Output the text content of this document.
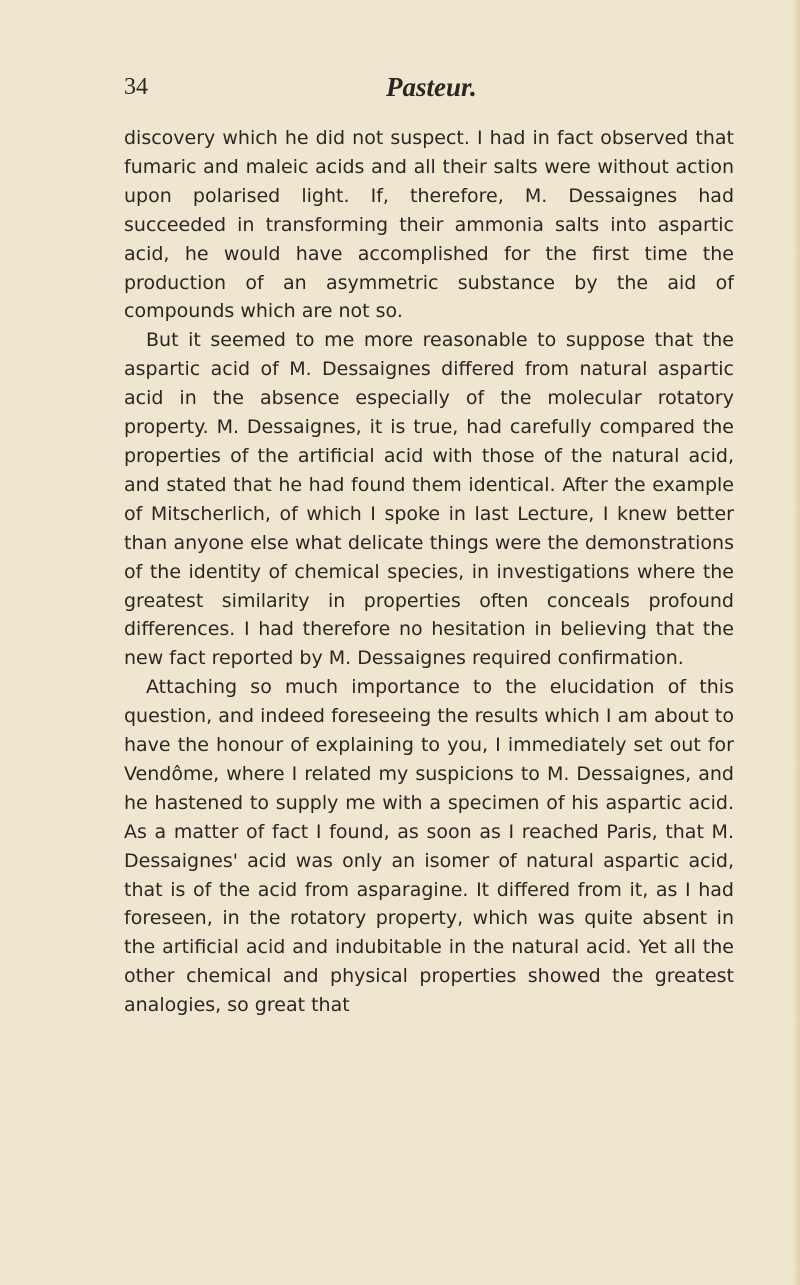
34	Pasteur.

discovery which he did not suspect. I had in fact observed that fumaric and maleic acids and all their salts were without action upon polarised light. If, therefore, M. Dessaignes had succeeded in transforming their ammonia salts into aspartic acid, he would have accomplished for the first time the production of an asymmetric substance by the aid of compounds which are not so.

But it seemed to me more reasonable to suppose that the aspartic acid of M. Dessaignes differed from natural aspartic acid in the absence especially of the molecular rotatory property. M. Dessaignes, it is true, had carefully compared the properties of the artificial acid with those of the natural acid, and stated that he had found them identical. After the example of Mitscherlich, of which I spoke in last Lecture, I knew better than anyone else what delicate things were the demonstrations of the identity of chemical species, in investigations where the greatest similarity in properties often conceals profound differences. I had therefore no hesitation in believing that the new fact reported by M. Dessaignes required confirmation.

Attaching so much importance to the elucidation of this question, and indeed foreseeing the results which I am about to have the honour of explaining to you, I immediately set out for Vendôme, where I related my suspicions to M. Dessaignes, and he hastened to supply me with a specimen of his aspartic acid. As a matter of fact I found, as soon as I reached Paris, that M. Dessaignes' acid was only an isomer of natural aspartic acid, that is of the acid from asparagine. It differed from it, as I had foreseen, in the rotatory property, which was quite absent in the artificial acid and indubitable in the natural acid. Yet all the other chemical and physical properties showed the greatest analogies, so great that
